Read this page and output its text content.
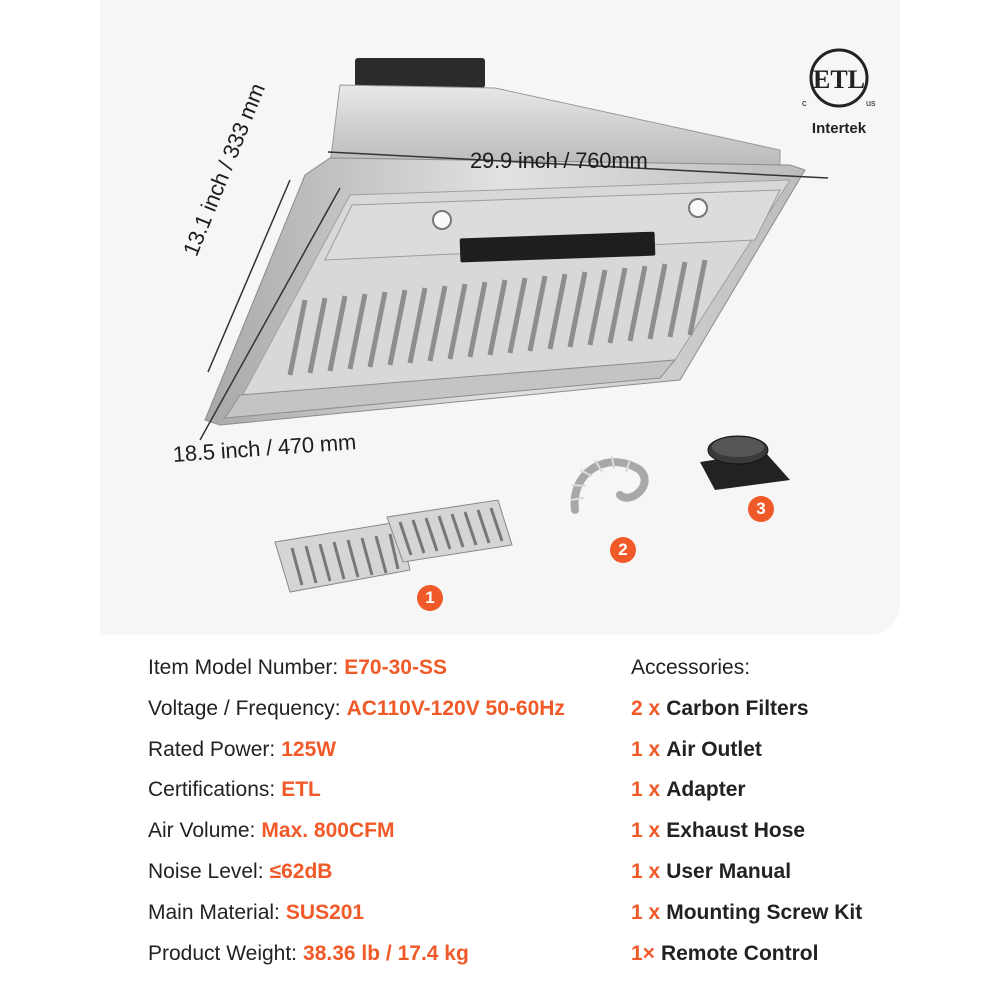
29.9 inch / 760mm
13.1 inch / 333 mm
18.5 inch / 470 mm
1
2
3
ETL
c	us
Intertek
Item Model Number: E70-30-SS
Voltage / Frequency: AC110V-120V 50-60Hz
Rated Power: 125W
Certifications: ETL
Air Volume: Max. 800CFM
Noise Level: ≤62dB
Main Material: SUS201
Product Weight: 38.36 lb / 17.4 kg
Accessories:
2 x Carbon Filters
1 x Air Outlet
1 x Adapter
1 x Exhaust Hose
1 x User Manual
1 x Mounting Screw Kit
1× Remote Control
